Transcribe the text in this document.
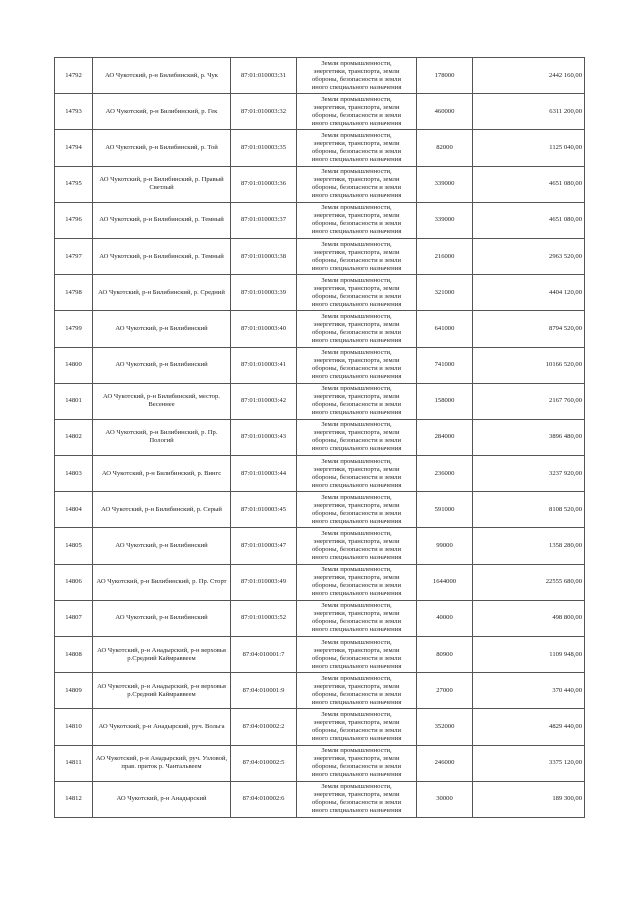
14792	АО Чукотский, р-н Билибинский, р. Чук	87:01:010003:31	Земли промышленности,
энергетики, транспорта, земли
обороны, безопасности и земли
иного специального назначения	178000	2442 160,00
14793	АО Чукотский, р-н Билибинский, р. Гек	87:01:010003:32	Земли промышленности,
энергетики, транспорта, земли
обороны, безопасности и земли
иного специального назначения	460000	6311 200,00
14794	АО Чукотский, р-н Билибинский, р. Той	87:01:010003:35	Земли промышленности,
энергетики, транспорта, земли
обороны, безопасности и земли
иного специального назначения	82000	1125 040,00
14795	АО Чукотский, р-н Билибинский, р. Правый Светлый	87:01:010003:36	Земли промышленности,
энергетики, транспорта, земли
обороны, безопасности и земли
иного специального назначения	339000	4651 080,00
14796	АО Чукотский, р-н Билибинский, р. Темный	87:01:010003:37	Земли промышленности,
энергетики, транспорта, земли
обороны, безопасности и земли
иного специального назначения	339000	4651 080,00
14797	АО Чукотский, р-н Билибинский, р. Темный	87:01:010003:38	Земли промышленности,
энергетики, транспорта, земли
обороны, безопасности и земли
иного специального назначения	216000	2963 520,00
14798	АО Чукотский, р-н Билибинский, р. Средний	87:01:010003:39	Земли промышленности,
энергетики, транспорта, земли
обороны, безопасности и земли
иного специального назначения	321000	4404 120,00
14799	АО Чукотский, р-н Билибинский	87:01:010003:40	Земли промышленности,
энергетики, транспорта, земли
обороны, безопасности и земли
иного специального назначения	641000	8794 520,00
14800	АО Чукотский, р-н Билибинский	87:01:010003:41	Земли промышленности,
энергетики, транспорта, земли
обороны, безопасности и земли
иного специального назначения	741000	10166 520,00
14801	АО Чукотский, р-н Билибинский, местор. Весеннее	87:01:010003:42	Земли промышленности,
энергетики, транспорта, земли
обороны, безопасности и земли
иного специального назначения	158000	2167 760,00
14802	АО Чукотский, р-н Билибинский, р. Пр. Пологий	87:01:010003:43	Земли промышленности,
энергетики, транспорта, земли
обороны, безопасности и земли
иного специального назначения	284000	3896 480,00
14803	АО Чукотский, р-н Билибинский, р. Вингс	87:01:010003:44	Земли промышленности,
энергетики, транспорта, земли
обороны, безопасности и земли
иного специального назначения	236000	3237 920,00
14804	АО Чукотский, р-н Билибинский, р. Серый	87:01:010003:45	Земли промышленности,
энергетики, транспорта, земли
обороны, безопасности и земли
иного специального назначения	591000	8108 520,00
14805	АО Чукотский, р-н Билибинский	87:01:010003:47	Земли промышленности,
энергетики, транспорта, земли
обороны, безопасности и земли
иного специального назначения	99000	1358 280,00
14806	АО Чукотский, р-н Билибинский, р. Пр. Сторт	87:01:010003:49	Земли промышленности,
энергетики, транспорта, земли
обороны, безопасности и земли
иного специального назначения	1644000	22555 680,00
14807	АО Чукотский, р-н Билибинский	87:01:010003:52	Земли промышленности,
энергетики, транспорта, земли
обороны, безопасности и земли
иного специального назначения	40000	498 800,00
14808	АО Чукотский, р-н Анадырский, р-н верховья р.Средний Каймраввеем	87:04:010001:7	Земли промышленности,
энергетики, транспорта, земли
обороны, безопасности и земли
иного специального назначения	80900	1109 948,00
14809	АО Чукотский, р-н Анадырский, р-н верховья р.Средний Каймраввеем	87:04:010001:9	Земли промышленности,
энергетики, транспорта, земли
обороны, безопасности и земли
иного специального назначения	27000	370 440,00
14810	АО Чукотский, р-н Анадырский, руч. Вольга	87:04:010002:2	Земли промышленности,
энергетики, транспорта, земли
обороны, безопасности и земли
иного специального назначения	352000	4829 440,00
14811	АО Чукотский, р-н Анадырский, руч. Узловой, прав. приток р. Чантальвеем	87:04:010002:5	Земли промышленности,
энергетики, транспорта, земли
обороны, безопасности и земли
иного специального назначения	246000	3375 120,00
14812	АО Чукотский, р-н Анадырский	87:04:010002:6	Земли промышленности,
энергетики, транспорта, земли
обороны, безопасности и земли
иного специального назначения	30000	189 300,00
